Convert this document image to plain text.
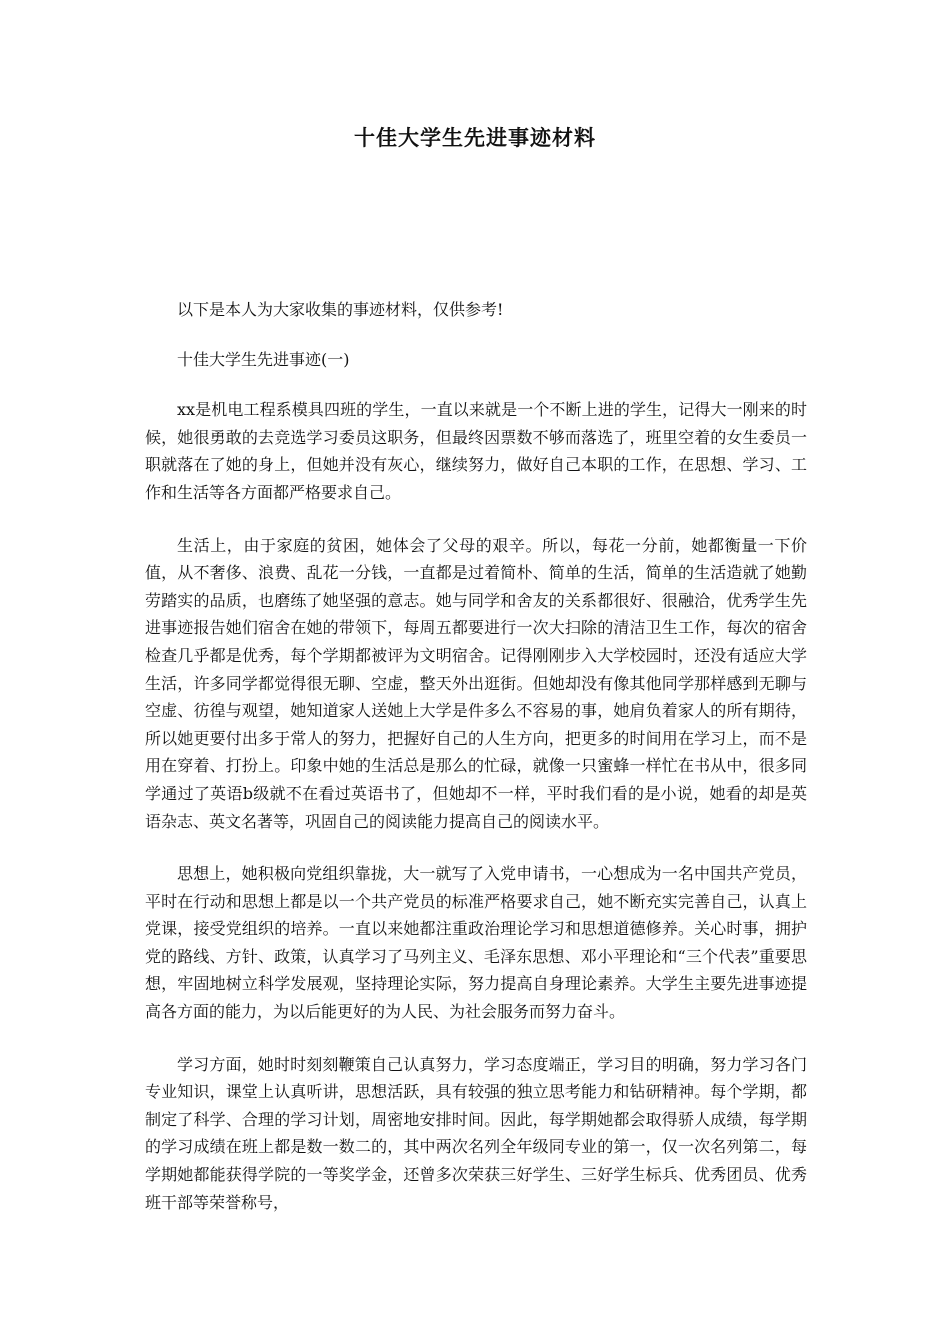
十佳大学生先进事迹材料

以下是本人为大家收集的事迹材料，仅供参考!

十佳大学生先进事迹(一)

xx是机电工程系模具四班的学生，一直以来就是一个不断上进的学生，记得大一刚来的时候，她很勇敢的去竞选学习委员这职务，但最终因票数不够而落选了，班里空着的女生委员一职就落在了她的身上，但她并没有灰心，继续努力，做好自己本职的工作，在思想、学习、工作和生活等各方面都严格要求自己。

生活上，由于家庭的贫困，她体会了父母的艰辛。所以，每花一分前，她都衡量一下价值，从不奢侈、浪费、乱花一分钱，一直都是过着简朴、简单的生活，简单的生活造就了她勤劳踏实的品质，也磨练了她坚强的意志。她与同学和舍友的关系都很好、很融洽，优秀学生先进事迹报告她们宿舍在她的带领下，每周五都要进行一次大扫除的清洁卫生工作，每次的宿舍检查几乎都是优秀，每个学期都被评为文明宿舍。记得刚刚步入大学校园时，还没有适应大学生活，许多同学都觉得很无聊、空虚，整天外出逛街。但她却没有像其他同学那样感到无聊与空虚、彷徨与观望，她知道家人送她上大学是件多么不容易的事，她肩负着家人的所有期待，所以她更要付出多于常人的努力，把握好自己的人生方向，把更多的时间用在学习上，而不是用在穿着、打扮上。印象中她的生活总是那么的忙碌，就像一只蜜蜂一样忙在书从中，很多同学通过了英语b级就不在看过英语书了，但她却不一样，平时我们看的是小说，她看的却是英语杂志、英文名著等，巩固自己的阅读能力提高自己的阅读水平。

思想上，她积极向党组织靠拢，大一就写了入党申请书，一心想成为一名中国共产党员，平时在行动和思想上都是以一个共产党员的标准严格要求自己，她不断充实完善自己，认真上党课，接受党组织的培养。一直以来她都注重政治理论学习和思想道德修养。关心时事，拥护党的路线、方针、政策，认真学习了马列主义、毛泽东思想、邓小平理论和“三个代表”重要思想，牢固地树立科学发展观，坚持理论实际，努力提高自身理论素养。大学生主要先进事迹提高各方面的能力，为以后能更好的为人民、为社会服务而努力奋斗。

学习方面，她时时刻刻鞭策自己认真努力，学习态度端正，学习目的明确，努力学习各门专业知识，课堂上认真听讲，思想活跃，具有较强的独立思考能力和钻研精神。每个学期，都制定了科学、合理的学习计划，周密地安排时间。因此，每学期她都会取得骄人成绩，每学期的学习成绩在班上都是数一数二的，其中两次名列全年级同专业的第一，仅一次名列第二，每学期她都能获得学院的一等奖学金，还曾多次荣获三好学生、三好学生标兵、优秀团员、优秀班干部等荣誉称号，
